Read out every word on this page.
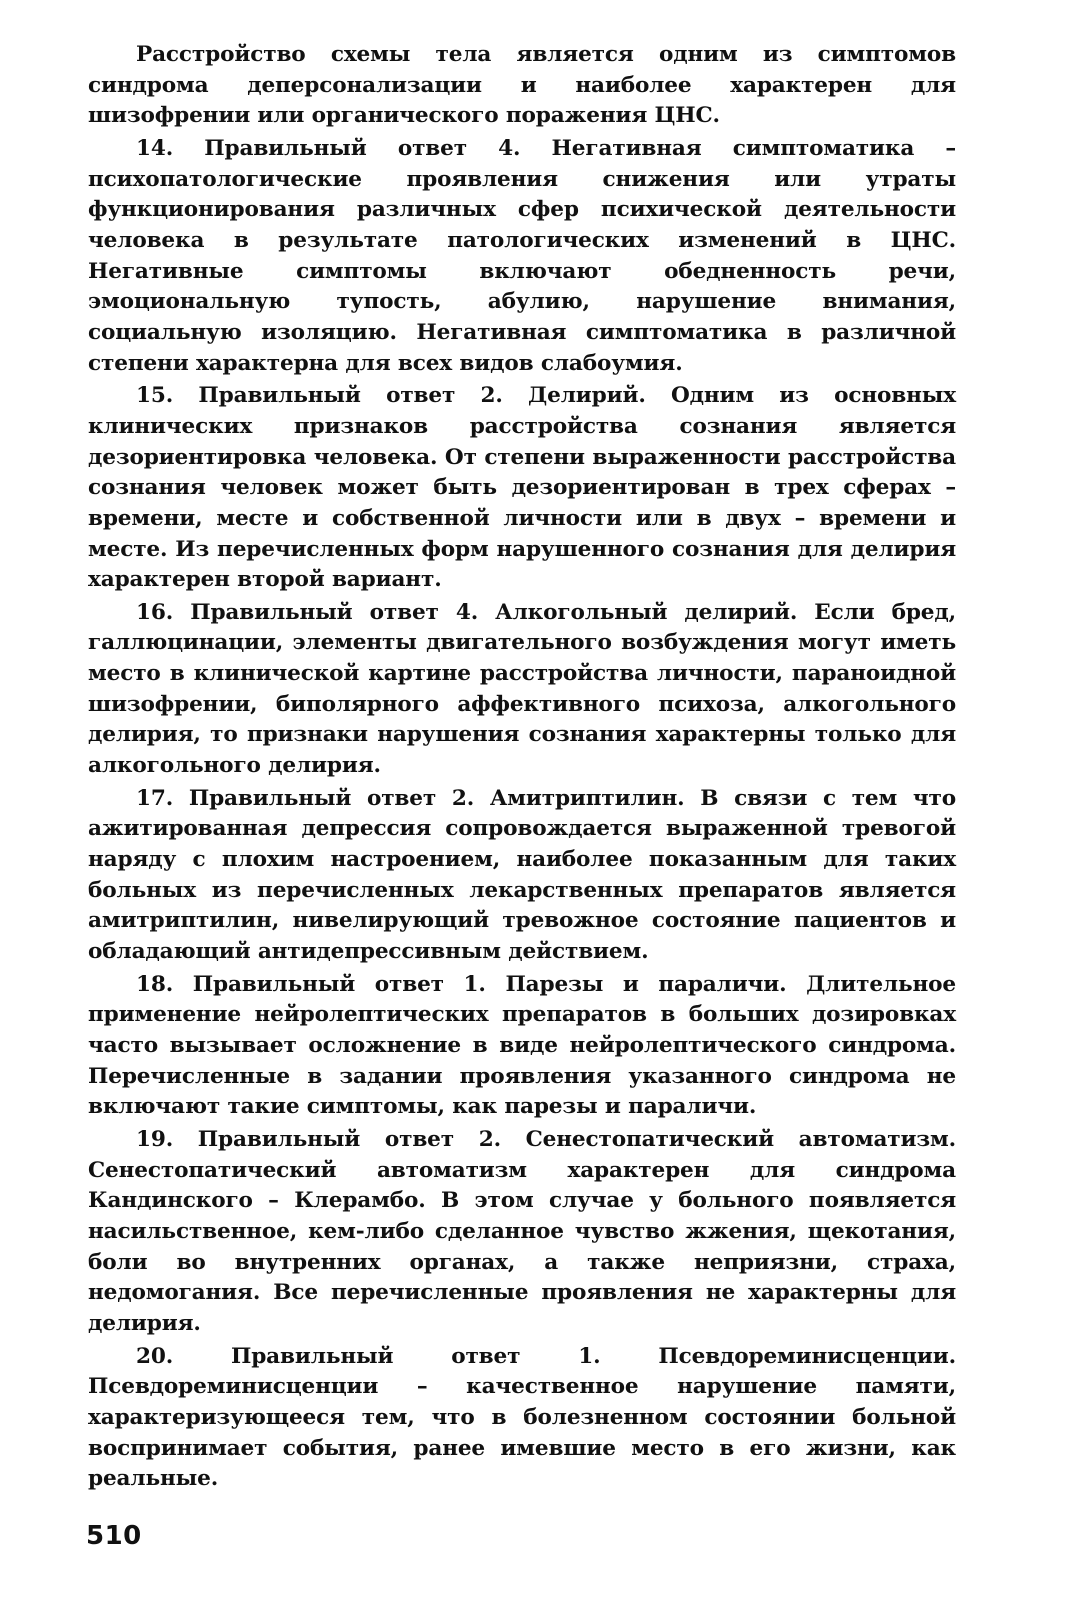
Расстройство схемы тела является одним из симптомов синдрома деперсонализации и наиболее характерен для шизофрении или органического поражения ЦНС.

14. Правильный ответ 4. Негативная симптоматика – психопатологические проявления снижения или утраты функционирования различных сфер психической деятельности человека в результате патологических изменений в ЦНС. Негативные симптомы включают обедненность речи, эмоциональную тупость, абулию, нарушение внимания, социальную изоляцию. Негативная симптоматика в различной степени характерна для всех видов слабоумия.

15. Правильный ответ 2. Делирий. Одним из основных клинических признаков расстройства сознания является дезориентировка человека. От степени выраженности расстройства сознания человек может быть дезориентирован в трех сферах – времени, месте и собственной личности или в двух – времени и месте. Из перечисленных форм нарушенного сознания для делирия характерен второй вариант.

16. Правильный ответ 4. Алкогольный делирий. Если бред, галлюцинации, элементы двигательного возбуждения могут иметь место в клинической картине расстройства личности, параноидной шизофрении, биполярного аффективного психоза, алкогольного делирия, то признаки нарушения сознания характерны только для алкогольного делирия.

17. Правильный ответ 2. Амитриптилин. В связи с тем что ажитированная депрессия сопровождается выраженной тревогой наряду с плохим настроением, наиболее показанным для таких больных из перечисленных лекарственных препаратов является амитриптилин, нивелирующий тревожное состояние пациентов и обладающий антидепрессивным действием.

18. Правильный ответ 1. Парезы и параличи. Длительное применение нейролептических препаратов в больших дозировках часто вызывает осложнение в виде нейролептического синдрома. Перечисленные в задании проявления указанного синдрома не включают такие симптомы, как парезы и параличи.

19. Правильный ответ 2. Сенестопатический автоматизм. Сенестопатический автоматизм характерен для синдрома Кандинского – Клерамбо. В этом случае у больного появляется насильственное, кем-либо сделанное чувство жжения, щекотания, боли во внутренних органах, а также неприязни, страха, недомогания. Все перечисленные проявления не характерны для делирия.

20. Правильный ответ 1. Псевдореминисценции. Псевдореминисценции – качественное нарушение памяти, характеризующееся тем, что в болезненном состоянии больной воспринимает события, ранее имевшие место в его жизни, как реальные.

510
